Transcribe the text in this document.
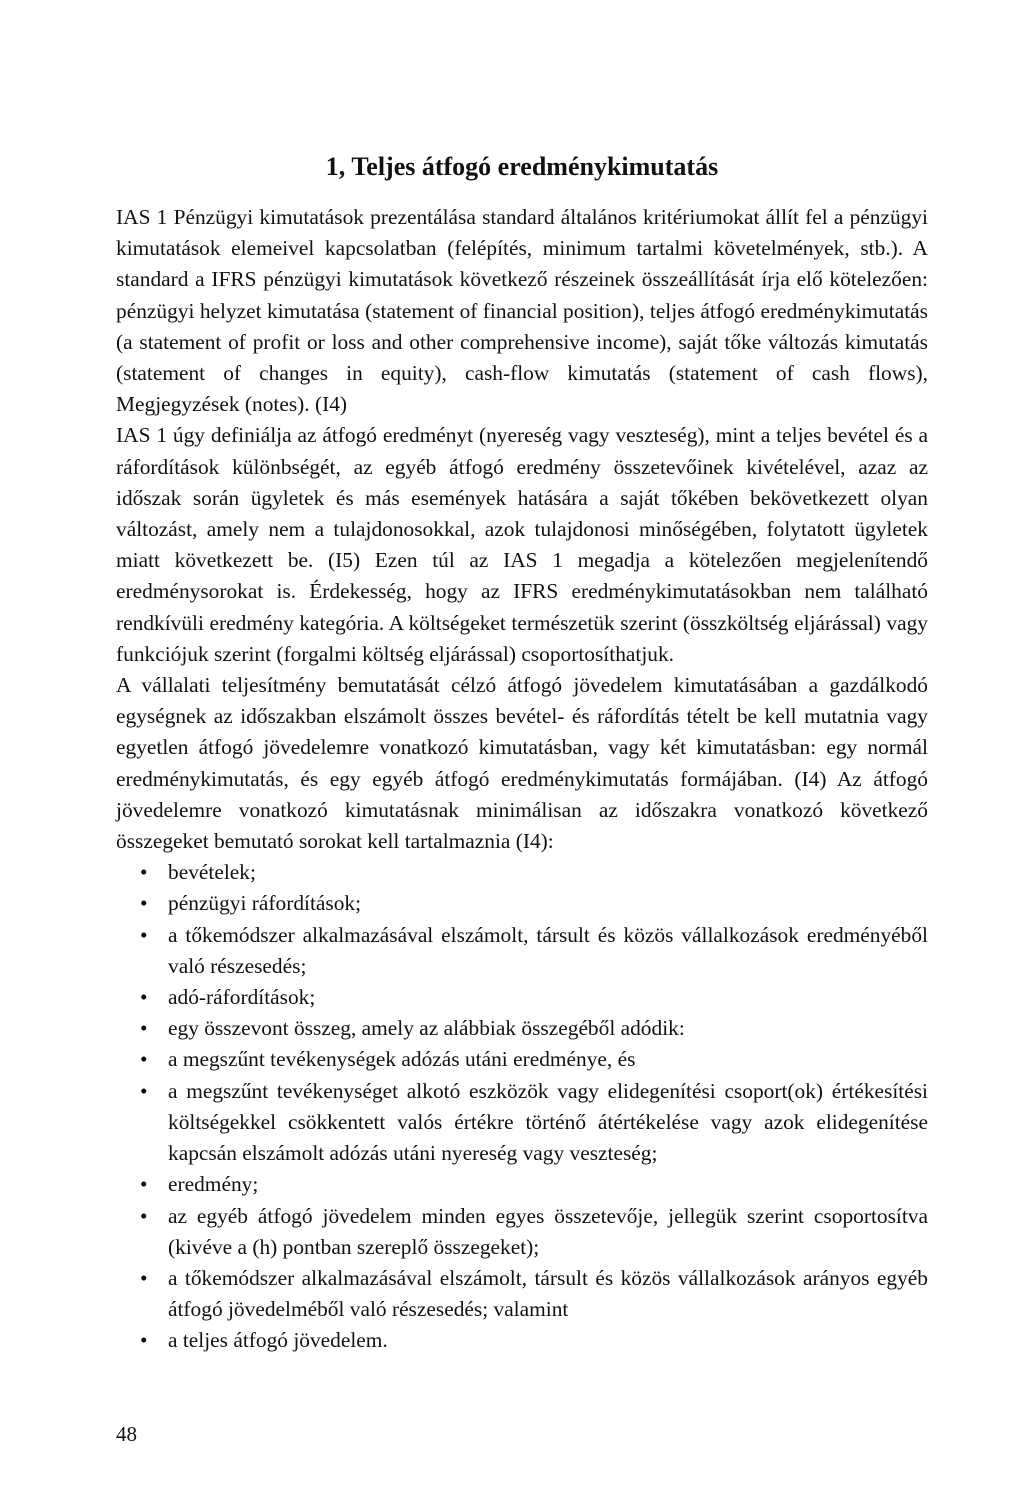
1, Teljes átfogó eredménykimutatás

IAS 1 Pénzügyi kimutatások prezentálása standard általános kritériumokat állít fel a pénzügyi kimutatások elemeivel kapcsolatban (felépítés, minimum tartalmi követelmények, stb.). A standard a IFRS pénzügyi kimutatások következő részeinek összeállítását írja elő kötelezően: pénzügyi helyzet kimutatása (statement of financial position), teljes átfogó eredménykimutatás (a statement of profit or loss and other comprehensive income), saját tőke változás kimutatás (statement of changes in equity), cash-flow kimutatás (statement of cash flows), Megjegyzések (notes). (I4)

IAS 1 úgy definiálja az átfogó eredményt (nyereség vagy veszteség), mint a teljes bevétel és a ráfordítások különbségét, az egyéb átfogó eredmény összetevőinek kivételével, azaz az időszak során ügyletek és más események hatására a saját tőkében bekövetkezett olyan változást, amely nem a tulajdonosokkal, azok tulajdonosi minőségében, folytatott ügyletek miatt következett be. (I5) Ezen túl az IAS 1 megadja a kötelezően megjelenítendő eredménysorokat is. Érdekesség, hogy az IFRS eredménykimutatásokban nem található rendkívüli eredmény kategória. A költségeket természetük szerint (összköltség eljárással) vagy funkciójuk szerint (forgalmi költség eljárással) csoportosíthatjuk.

A vállalati teljesítmény bemutatását célzó átfogó jövedelem kimutatásában a gazdálkodó egységnek az időszakban elszámolt összes bevétel- és ráfordítás tételt be kell mutatnia vagy egyetlen átfogó jövedelemre vonatkozó kimutatásban, vagy két kimutatásban: egy normál eredménykimutatás, és egy egyéb átfogó eredménykimutatás formájában. (I4) Az átfogó jövedelemre vonatkozó kimutatásnak minimálisan az időszakra vonatkozó következő összegeket bemutató sorokat kell tartalmaznia (I4):

• bevételek;
• pénzügyi ráfordítások;
• a tőkemódszer alkalmazásával elszámolt, társult és közös vállalkozások eredményéből való részesedés;
• adó-ráfordítások;
• egy összevont összeg, amely az alábbiak összegéből adódik:
• a megszűnt tevékenységek adózás utáni eredménye, és
• a megszűnt tevékenységet alkotó eszközök vagy elidegenítési csoport(ok) értékesítési költségekkel csökkentett valós értékre történő átértékelése vagy azok elidegenítése kapcsán elszámolt adózás utáni nyereség vagy veszteség;
• eredmény;
• az egyéb átfogó jövedelem minden egyes összetevője, jellegük szerint csoportosítva (kivéve a (h) pontban szereplő összegeket);
• a tőkemódszer alkalmazásával elszámolt, társult és közös vállalkozások arányos egyéb átfogó jövedelméből való részesedés; valamint
• a teljes átfogó jövedelem.
48
